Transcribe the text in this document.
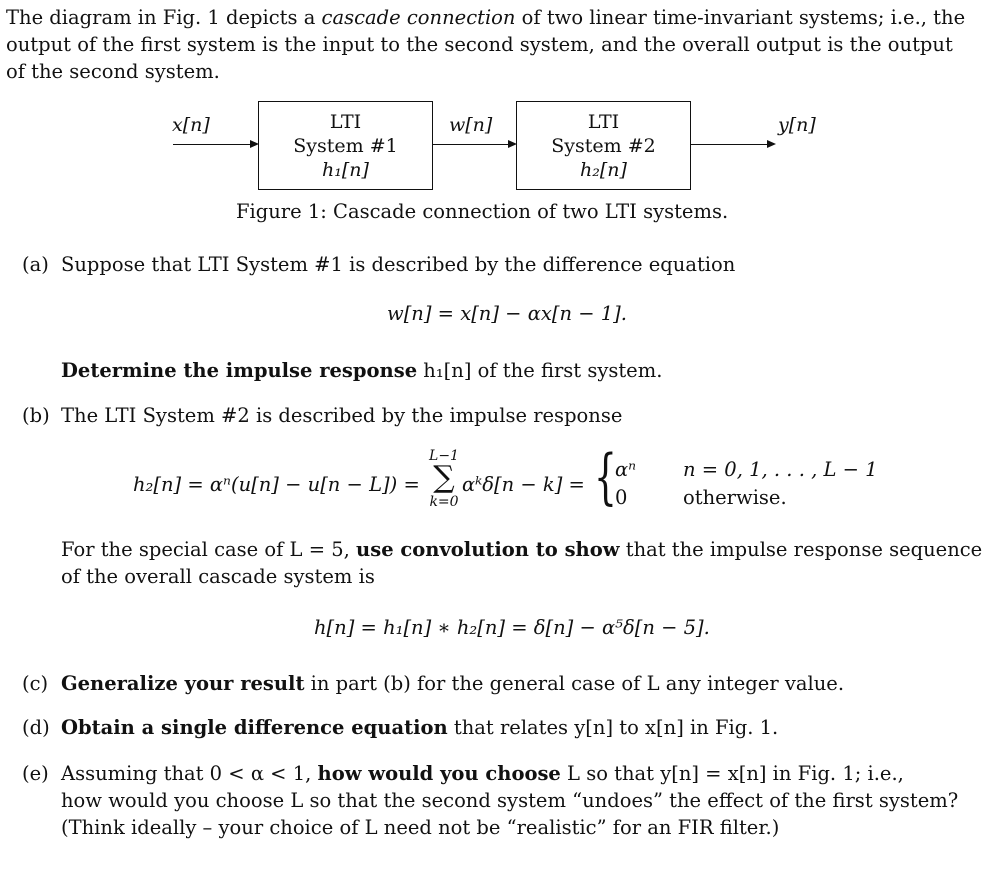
The diagram in Fig. 1 depicts a cascade connection of two linear time-invariant systems; i.e., the
output of the first system is the input to the second system, and the overall output is the output
of the second system.
x[n]	LTI
System #1
h₁[n]
w[n]	LTI
System #2
h₂[n]
y[n]
Figure 1: Cascade connection of two LTI systems.
(a) Suppose that LTI System #1 is described by the difference equation
w[n] = x[n] − αx[n − 1].
Determine the impulse response h₁[n] of the first system.
(b) The LTI System #2 is described by the impulse response
h₂[n] = αⁿ(u[n] − u[n − L]) =
L−1
∑
k=0
αᵏδ[n − k] = {
αⁿ n = 0, 1, . . . , L − 1
0	otherwise.
For the special case of L = 5, use convolution to show that the impulse response sequence
of the overall cascade system is
h[n] = h₁[n] ∗ h₂[n] = δ[n] − α⁵δ[n − 5].
(c) Generalize your result in part (b) for the general case of L any integer value.
(d) Obtain a single difference equation that relates y[n] to x[n] in Fig. 1.
(e) Assuming that 0 < α < 1, how would you choose L so that y[n] = x[n] in Fig. 1; i.e.,
how would you choose L so that the second system “undoes” the effect of the first system?
(Think ideally – your choice of L need not be “realistic” for an FIR filter.)
